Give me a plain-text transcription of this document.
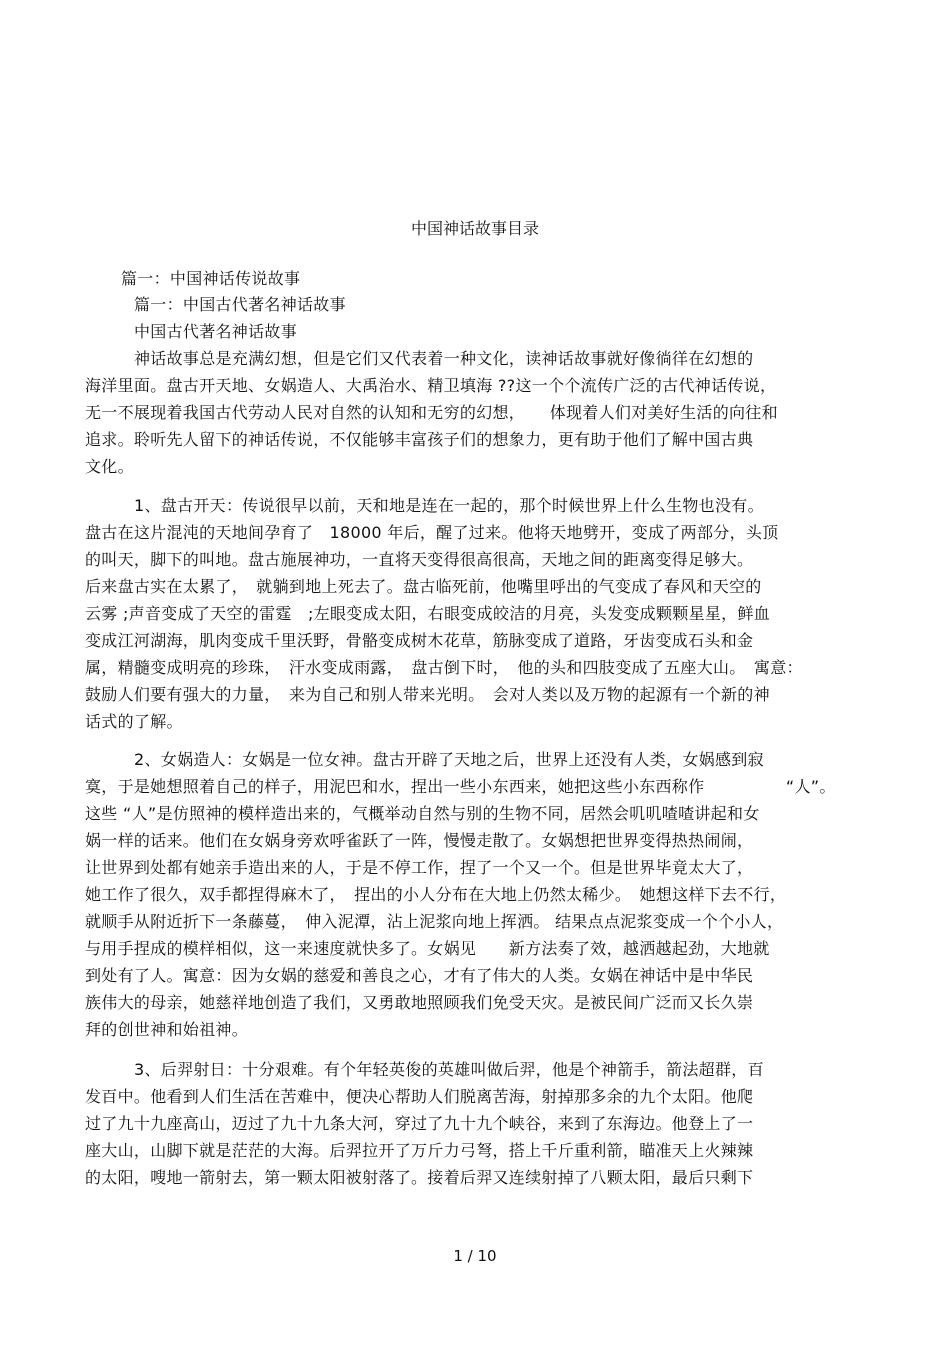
中国神话故事目录
篇一：中国神话传说故事
篇一：中国古代著名神话故事
中国古代著名神话故事
神话故事总是充满幻想，但是它们又代表着一种文化，读神话故事就好像徜徉在幻想的
海洋里面。盘古开天地、女娲造人、大禹治水、精卫填海 ??这一个个流传广泛的古代神话传说，
无一不展现着我国古代劳动人民对自然的认知和无穷的幻想，　　体现着人们对美好生活的向往和
追求。聆听先人留下的神话传说，不仅能够丰富孩子们的想象力，更有助于他们了解中国古典
文化。
1、盘古开天：传说很早以前，天和地是连在一起的，那个时候世界上什么生物也没有。
盘古在这片混沌的天地间孕育了　18000 年后，醒了过来。他将天地劈开，变成了两部分，头顶
的叫天，脚下的叫地。盘古施展神功，一直将天变得很高很高，天地之间的距离变得足够大。
后来盘古实在太累了，　就躺到地上死去了。盘古临死前，他嘴里呼出的气变成了春风和天空的
云雾 ;声音变成了天空的雷霆　;左眼变成太阳，右眼变成皎洁的月亮，头发变成颗颗星星，鲜血
变成江河湖海，肌肉变成千里沃野，骨骼变成树木花草，筋脉变成了道路，牙齿变成石头和金
属，精髓变成明亮的珍珠，　汗水变成雨露，　盘古倒下时，　他的头和四肢变成了五座大山。　寓意：
鼓励人们要有强大的力量，　来为自己和别人带来光明。　会对人类以及万物的起源有一个新的神
话式的了解。
2、女娲造人：女娲是一位女神。盘古开辟了天地之后，世界上还没有人类，女娲感到寂
寞，于是她想照着自己的样子，用泥巴和水，捏出一些小东西来，她把这些小东西称作　　　　　“人”。
这些 “人”是仿照神的模样造出来的，气概举动自然与别的生物不同，居然会叽叽喳喳讲起和女
娲一样的话来。他们在女娲身旁欢呼雀跃了一阵，慢慢走散了。女娲想把世界变得热热闹闹，
让世界到处都有她亲手造出来的人，于是不停工作，捏了一个又一个。但是世界毕竟太大了，
她工作了很久，双手都捏得麻木了，　捏出的小人分布在大地上仍然太稀少。　她想这样下去不行，
就顺手从附近折下一条藤蔓，　伸入泥潭，沾上泥浆向地上挥洒。 结果点点泥浆变成一个个小人，
与用手捏成的模样相似，这一来速度就快多了。女娲见　　新方法奏了效，越洒越起劲，大地就
到处有了人。寓意：因为女娲的慈爱和善良之心，才有了伟大的人类。女娲在神话中是中华民
族伟大的母亲，她慈祥地创造了我们，又勇敢地照顾我们免受天灾。是被民间广泛而又长久崇
拜的创世神和始祖神。
3、后羿射日：十分艰难。有个年轻英俊的英雄叫做后羿，他是个神箭手，箭法超群，百
发百中。他看到人们生活在苦难中，便决心帮助人们脱离苦海，射掉那多余的九个太阳。他爬
过了九十九座高山，迈过了九十九条大河，穿过了九十九个峡谷，来到了东海边。他登上了一
座大山，山脚下就是茫茫的大海。后羿拉开了万斤力弓弩，搭上千斤重利箭，瞄准天上火辣辣
的太阳，嗖地一箭射去，第一颗太阳被射落了。接着后羿又连续射掉了八颗太阳，最后只剩下
1 / 10
